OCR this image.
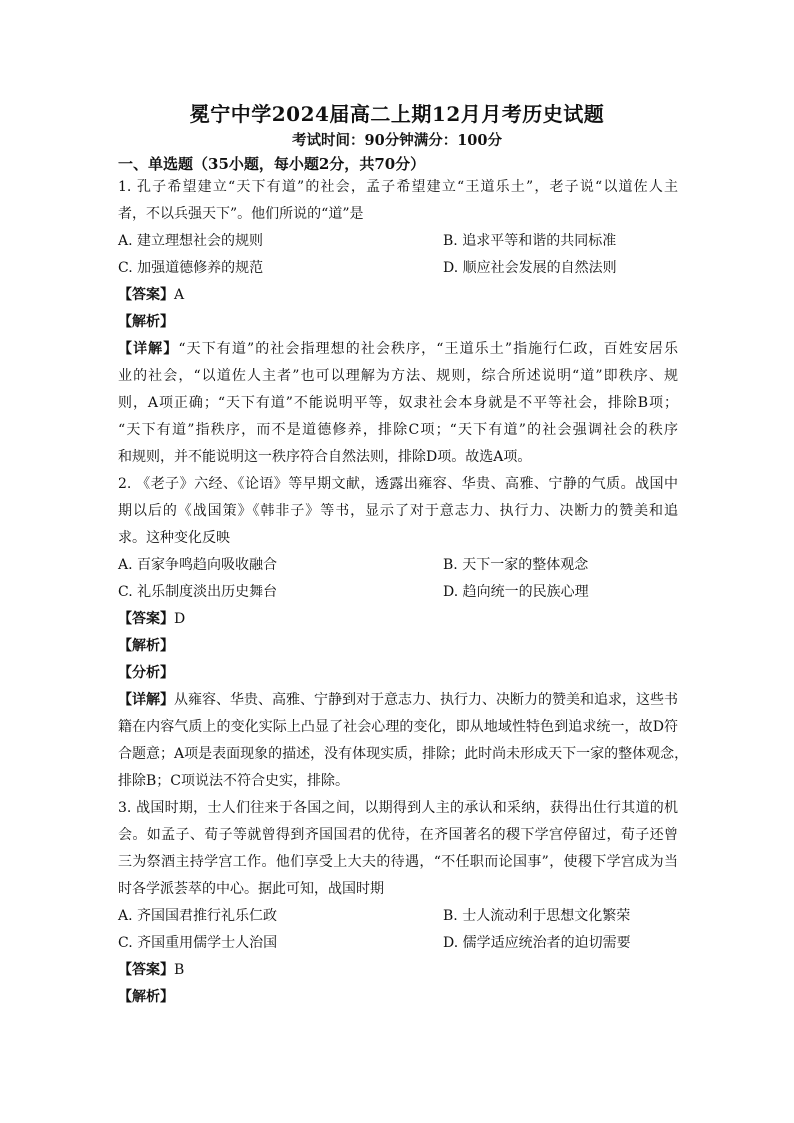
冕宁中学2024届高二上期12月月考历史试题
考试时间：90分钟满分：100分
一、单选题（35小题，每小题2分，共70分）
1. 孔子希望建立“天下有道”的社会，孟子希望建立“王道乐土”，老子说“以道佐人主
者，不以兵强天下”。他们所说的“道”是
A. 建立理想社会的规则	B. 追求平等和谐的共同标准
C. 加强道德修养的规范	D. 顺应社会发展的自然法则
【答案】A
【解析】
【详解】“天下有道”的社会指理想的社会秩序，“王道乐土”指施行仁政，百姓安居乐
业的社会，“以道佐人主者”也可以理解为方法、规则，综合所述说明“道”即秩序、规
则，A项正确；“天下有道”不能说明平等，奴隶社会本身就是不平等社会，排除B项；
“天下有道”指秩序，而不是道德修养，排除C项；“天下有道”的社会强调社会的秩序
和规则，并不能说明这一秩序符合自然法则，排除D项。故选A项。
2. 《老子》六经、《论语》等早期文献，透露出雍容、华贵、高雅、宁静的气质。战国中
期以后的《战国策》《韩非子》等书，显示了对于意志力、执行力、决断力的赞美和追
求。这种变化反映
A. 百家争鸣趋向吸收融合	B. 天下一家的整体观念
C. 礼乐制度淡出历史舞台	D. 趋向统一的民族心理
【答案】D
【解析】
【分析】
【详解】从雍容、华贵、高雅、宁静到对于意志力、执行力、决断力的赞美和追求，这些书
籍在内容气质上的变化实际上凸显了社会心理的变化，即从地域性特色到追求统一，故D符
合题意；A项是表面现象的描述，没有体现实质，排除；此时尚未形成天下一家的整体观念，
排除B；C项说法不符合史实，排除。
3. 战国时期，士人们往来于各国之间，以期得到人主的承认和采纳，获得出仕行其道的机
会。如孟子、荀子等就曾得到齐国国君的优待，在齐国著名的稷下学宫停留过，荀子还曾
三为祭酒主持学宫工作。他们享受上大夫的待遇，“不任职而论国事”，使稷下学宫成为当
时各学派荟萃的中心。据此可知，战国时期
A. 齐国国君推行礼乐仁政	B. 士人流动利于思想文化繁荣
C. 齐国重用儒学士人治国	D. 儒学适应统治者的迫切需要
【答案】B
【解析】
